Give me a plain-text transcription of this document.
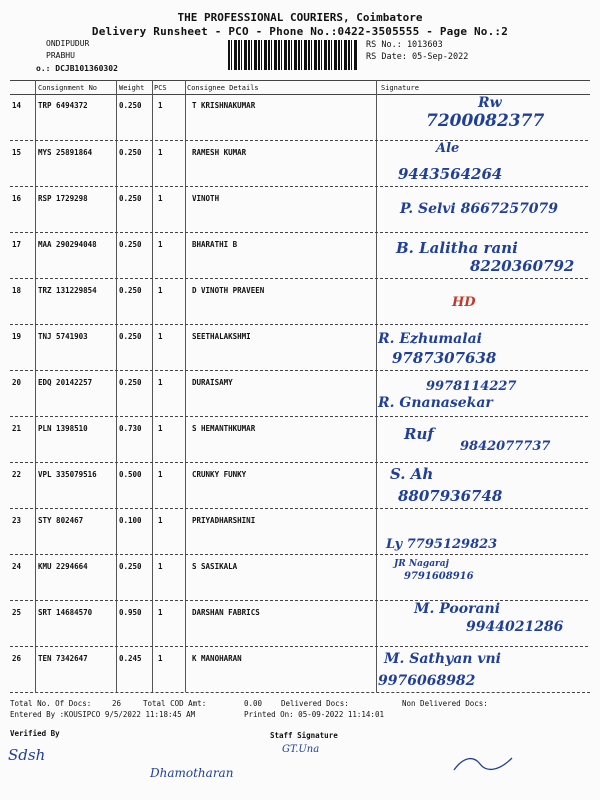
THE PROFESSIONAL COURIERS, Coimbatore
Delivery Runsheet - PCO - Phone No.:0422-3505555 - Page No.:2
ONDIPUDUR
PRABHU
o.: DCJB101360302
RS No.: 1013603
RS Date: 05-Sep-2022
Consignment No	Weight PCS	Consignee Details	Signature
14 TRP 6494372	0.250 1	T KRISHNAKUMAR	Rw
7200082377
15 MYS 25891864	0.250 1	RAMESH KUMAR	Ale
9443564264
16 RSP 1729298	0.250 1	VINOTH
P. Selvi 8667257079
17 MAA 290294048	0.250 1	BHARATHI B	B. Lalitha rani
8220360792
18 TRZ 131229854	0.250 1	D VINOTH PRAVEEN
HD
19 TNJ 5741903	0.250 1	SEETHALAKSHMI	R. Ezhumalai
9787307638
20 EDQ 20142257	0.250 1	DURAISAMY	9978114227
R. Gnanasekar
21 PLN 1398510	0.730 1	S HEMANTHKUMAR	Ruf
9842077737
22 VPL 335079516	0.500 1	CRUNKY FUNKY	S. Ah
8807936748
23 STY 802467	0.100 1	PRIYADHARSHINI
Ly 7795129823
24 KMU 2294664	0.250 1	S SASIKALA	JR Nagaraj
9791608916
25 SRT 14684570	0.950 1	DARSHAN FABRICS	M. Poorani
9944021286
26 TEN 7342647	0.245 1	K MANOHARAN	M. Sathyan vni
9976068982
Total No. Of Docs:	26	Total COD Amt:	0.00	Delivered Docs:	Non Delivered Docs:
Entered By :KOUSIPCO 9/5/2022 11:18:45 AM	Printed On: 05-09-2022 11:14:01
Verified By	Staff Signature
Sdsh	GT.Una
Dhamotharan
